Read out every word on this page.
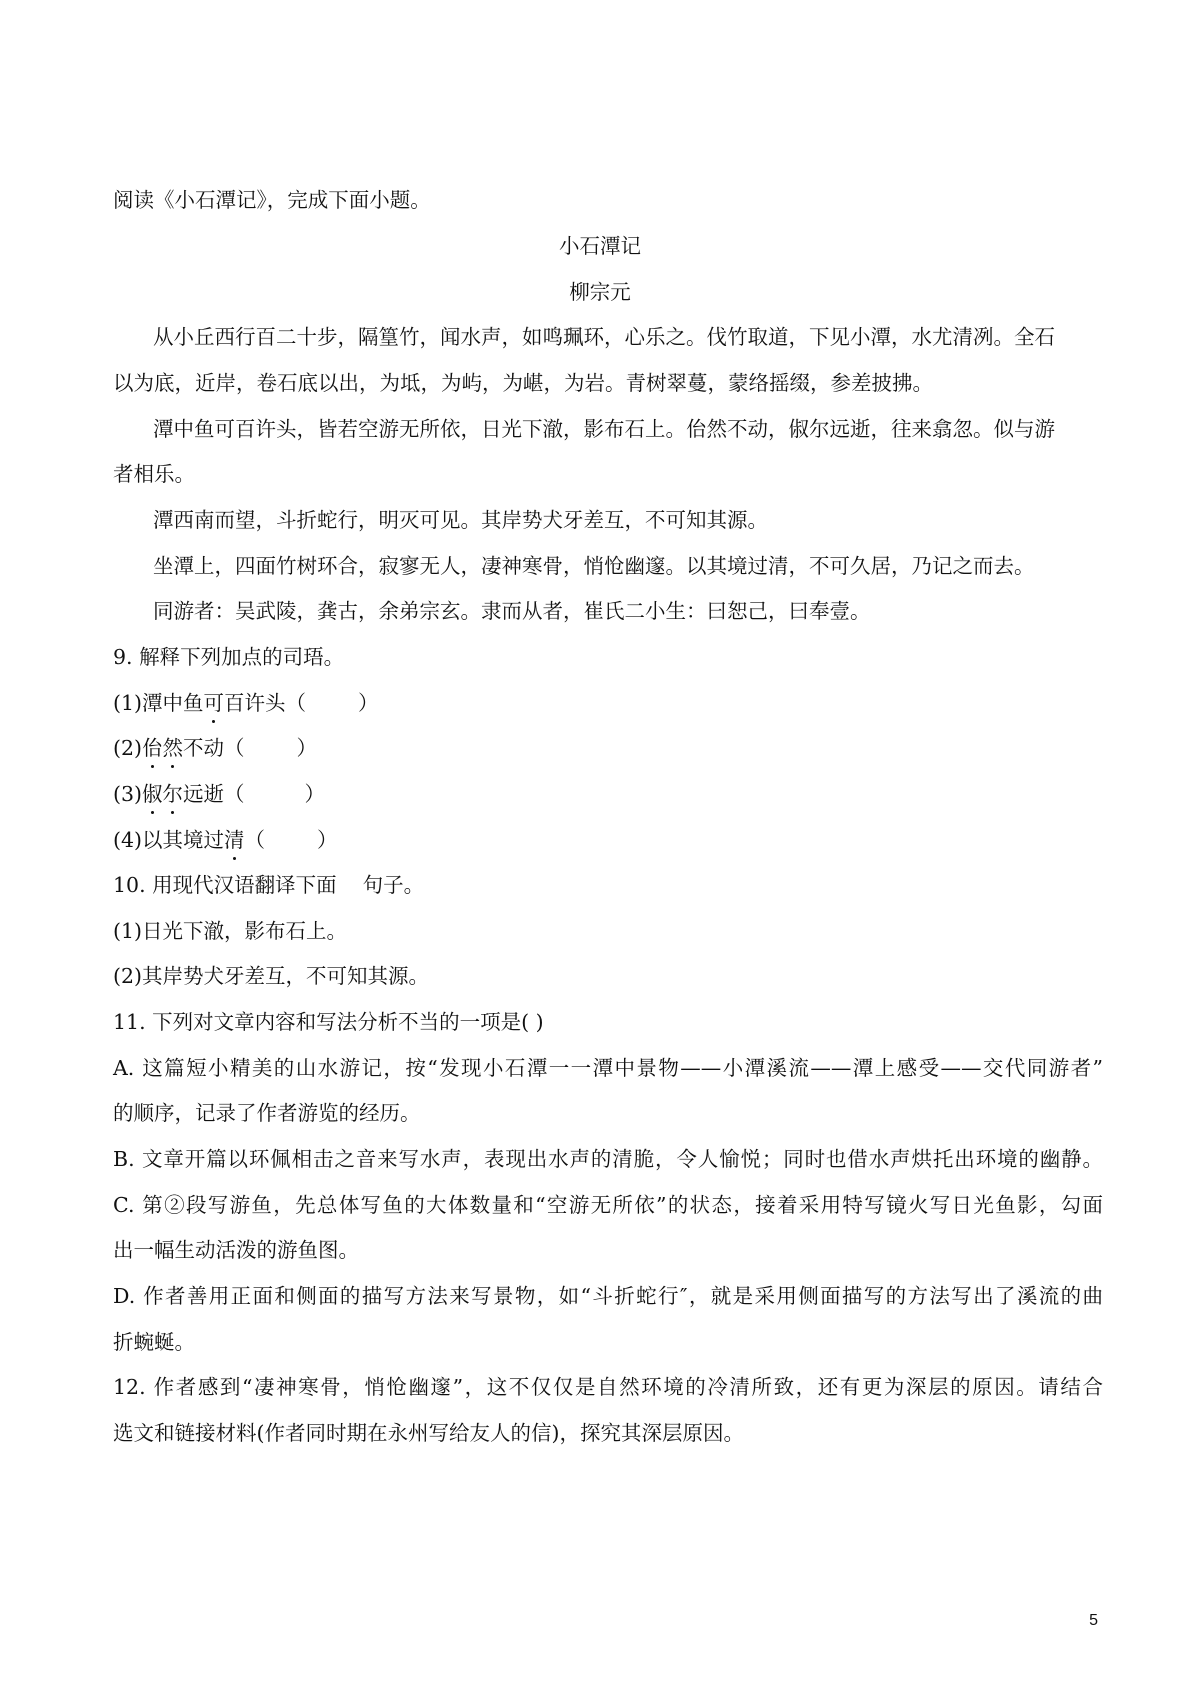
阅读《小石潭记》，完成下面小题。
小石潭记
柳宗元
从小丘西行百二十步，隔篁竹，闻水声，如鸣珮环，心乐之。伐竹取道，下见小潭，水尤清冽。全石
以为底，近岸，卷石底以出，为坻，为屿，为嵁，为岩。青树翠蔓，蒙络摇缀，参差披拂。
潭中鱼可百许头，皆若空游无所依，日光下澈，影布石上。佁然不动，俶尔远逝，往来翕忽。似与游
者相乐。
潭西南而望，斗折蛇行，明灭可见。其岸势犬牙差互，不可知其源。
坐潭上，四面竹树环合，寂寥无人，凄神寒骨，悄怆幽邃。以其境过清，不可久居，乃记之而去。
同游者：吴武陵，龚古，余弟宗玄。隶而从者，崔氏二小生：曰恕己，曰奉壹。
9. 解释下列加点的司珸。
(1)潭中鱼可百许头（	）
(2)佁然不动（	）
(3)俶尔远逝（	）
(4)以其境过清（	）
10. 用现代汉语翻译下面 句子。
(1)日光下澈，影布石上。
(2)其岸势犬牙差互，不可知其源。
11. 下列对文章内容和写法分析不当的一项是( )
A. 这篇短小精美的山水游记，按“发现小石潭一一潭中景物——小潭溪流——潭上感受——交代同游者”
的顺序，记录了作者游览的经历。
B. 文章开篇以环佩相击之音来写水声，表现出水声的清脆，令人愉悦；同时也借水声烘托出环境的幽静。
C. 第②段写游鱼，先总体写鱼的大体数量和“空游无所依”的状态，接着采用特写镜火写日光鱼影，勾面
出一幅生动活泼的游鱼图。
D. 作者善用正面和侧面的描写方法来写景物，如“斗折蛇行″，就是采用侧面描写的方法写出了溪流的曲
折蜿蜒。
12. 作者感到“凄神寒骨，悄怆幽邃”，这不仅仅是自然环境的冷清所致，还有更为深层的原因。请结合
选文和链接材料(作者同时期在永州写给友人的信)，探究其深层原因。
5
